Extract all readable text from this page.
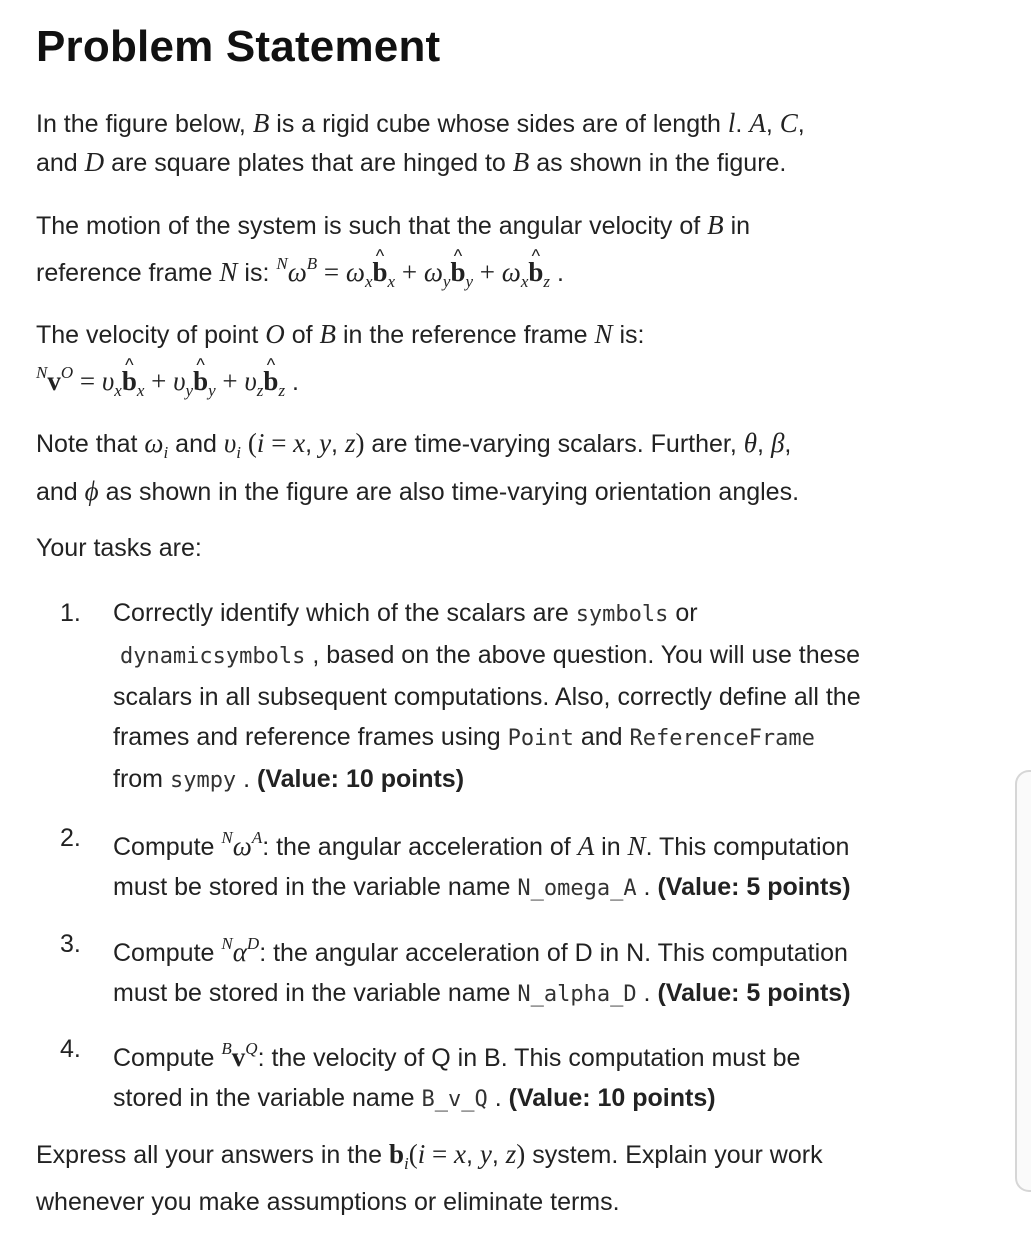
Problem Statement

In the figure below, B is a rigid cube whose sides are of length l. A, C,
and D are square plates that are hinged to B as shown in the figure.

The motion of the system is such that the angular velocity of B in
reference frame N is: $^N\omega^B$ = $\omega_x\^{}$ $b_x$ + $\omega_y\^{}$ $b_y$ + $\omega_x\^{}$ $b_z$ .

The velocity of point O of B in the reference frame N is:
$^Nv^O$ = $\upsilon_x\^{}$ $b_x$ + $\upsilon_y\^{}$ $b_y$ + $\upsilon_z\^{}$ $b_z$ .

Note that $\omega_i$ and $\upsilon_i$ (i = x, y, z) are time-varying scalars. Further, θ, β,
and ϕ as shown in the figure are also time-varying orientation angles.

Your tasks are:

1.	Correctly identify which of the scalars are symbols or
dynamicsymbols , based on the above question. You will use these
scalars in all subsequent computations. Also, correctly define all the
frames and reference frames using Point and ReferenceFrame
from sympy . (Value: 10 points)
2.	Compute $^N\omega^A$: the angular acceleration of A in N. This computation
must be stored in the variable name N_omega_A . (Value: 5 points)
3.	Compute $^N\alpha^D$: the angular acceleration of D in N. This computation
must be stored in the variable name N_alpha_D . (Value: 5 points)
4.	Compute $^Bv^Q$: the velocity of Q in B. This computation must be
stored in the variable name B_v_Q . (Value: 10 points)

Express all your answers in the $b_i(i = x$, y, z) system. Explain your work
whenever you make assumptions or eliminate terms.
